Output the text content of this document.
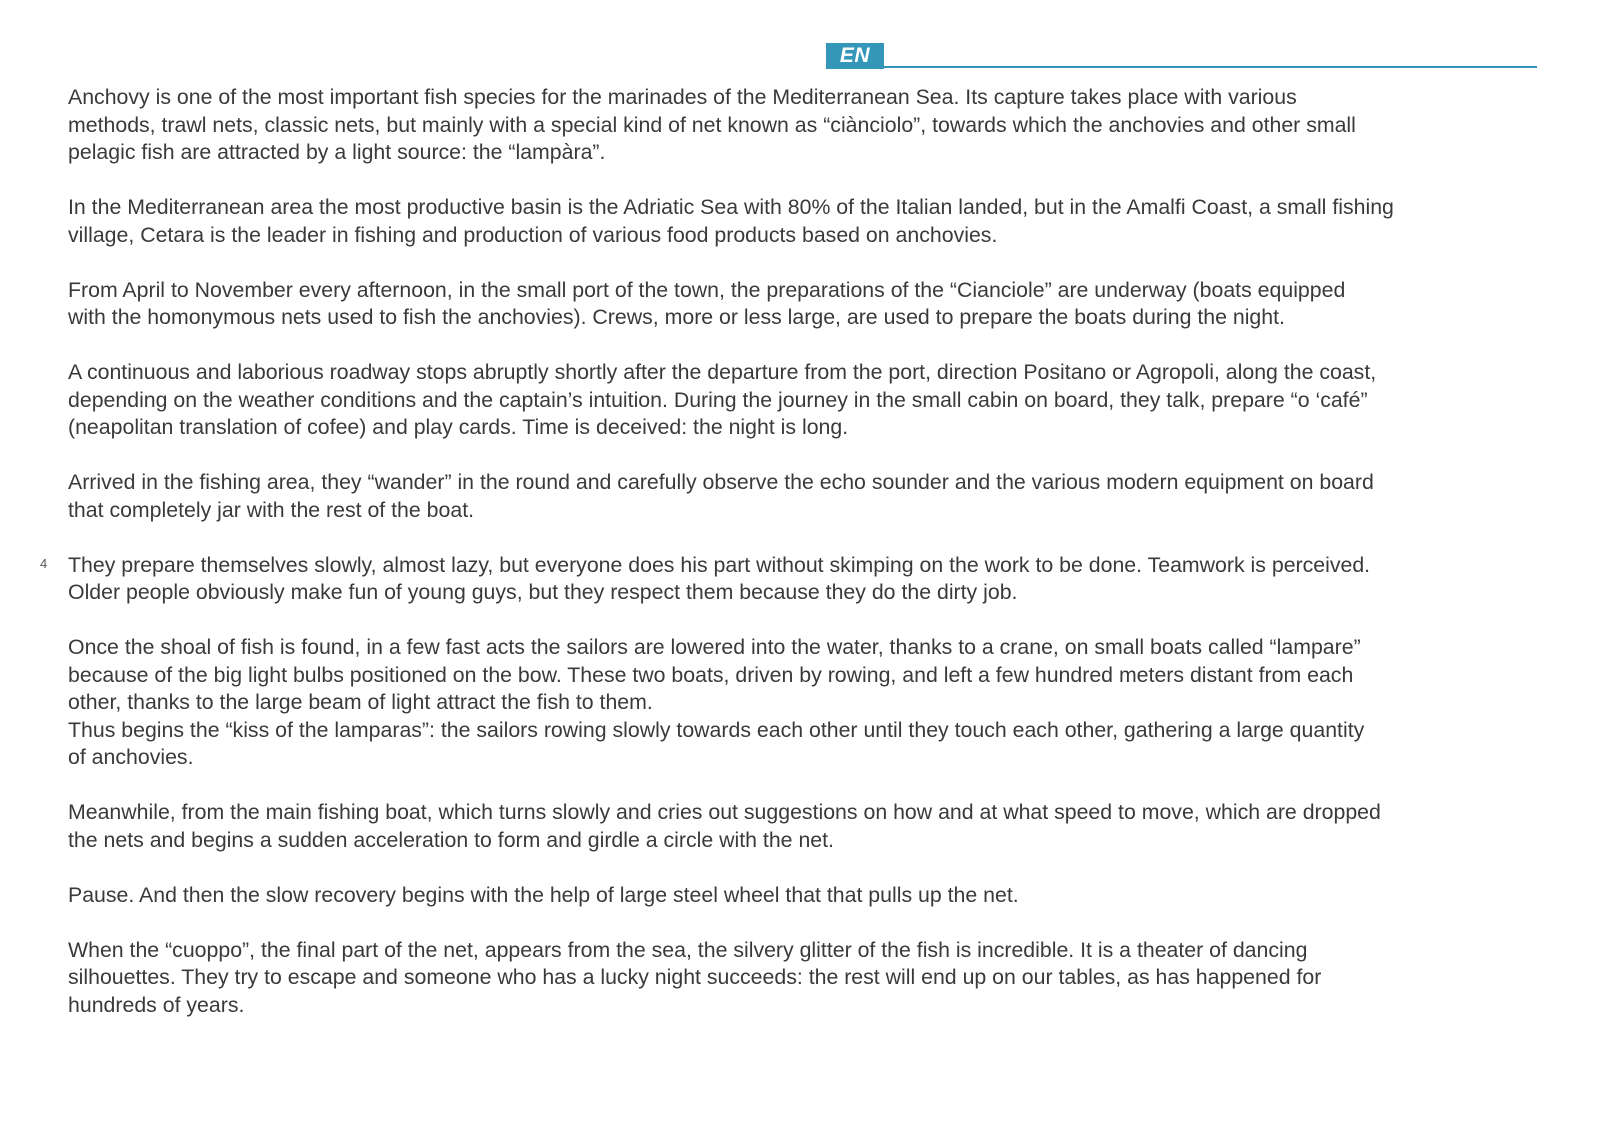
EN
4

Anchovy is one of the most important fish species for the marinades of the Mediterranean Sea. Its capture takes place with various
methods, trawl nets, classic nets, but mainly with a special kind of net known as “ciànciolo”, towards which the anchovies and other small
pelagic fish are attracted by a light source: the “lampàra”.

In the Mediterranean area the most productive basin is the Adriatic Sea with 80% of the Italian landed, but in the Amalfi Coast, a small fishing
village, Cetara is the leader in fishing and production of various food products based on anchovies.

From April to November every afternoon, in the small port of the town, the preparations of the “Cianciole” are underway (boats equipped
with the homonymous nets used to fish the anchovies). Crews, more or less large, are used to prepare the boats during the night.

A continuous and laborious roadway stops abruptly shortly after the departure from the port, direction Positano or Agropoli, along the coast,
depending on the weather conditions and the captain’s intuition. During the journey in the small cabin on board, they talk, prepare “o ‘café”
(neapolitan translation of cofee) and play cards. Time is deceived: the night is long.

Arrived in the fishing area, they “wander” in the round and carefully observe the echo sounder and the various modern equipment on board
that completely jar with the rest of the boat.

They prepare themselves slowly, almost lazy, but everyone does his part without skimping on the work to be done. Teamwork is perceived.
Older people obviously make fun of young guys, but they respect them because they do the dirty job.

Once the shoal of fish is found, in a few fast acts the sailors are lowered into the water, thanks to a crane, on small boats called “lampare”
because of the big light bulbs positioned on the bow. These two boats, driven by rowing, and left a few hundred meters distant from each
other, thanks to the large beam of light attract the fish to them.
Thus begins the “kiss of the lamparas”: the sailors rowing slowly towards each other until they touch each other, gathering a large quantity
of anchovies.

Meanwhile, from the main fishing boat, which turns slowly and cries out suggestions on how and at what speed to move, which are dropped
the nets and begins a sudden acceleration to form and girdle a circle with the net.

Pause. And then the slow recovery begins with the help of large steel wheel that that pulls up the net.

When the “cuoppo”, the final part of the net, appears from the sea, the silvery glitter of the fish is incredible. It is a theater of dancing
silhouettes. They try to escape and someone who has a lucky night succeeds: the rest will end up on our tables, as has happened for
hundreds of years.
